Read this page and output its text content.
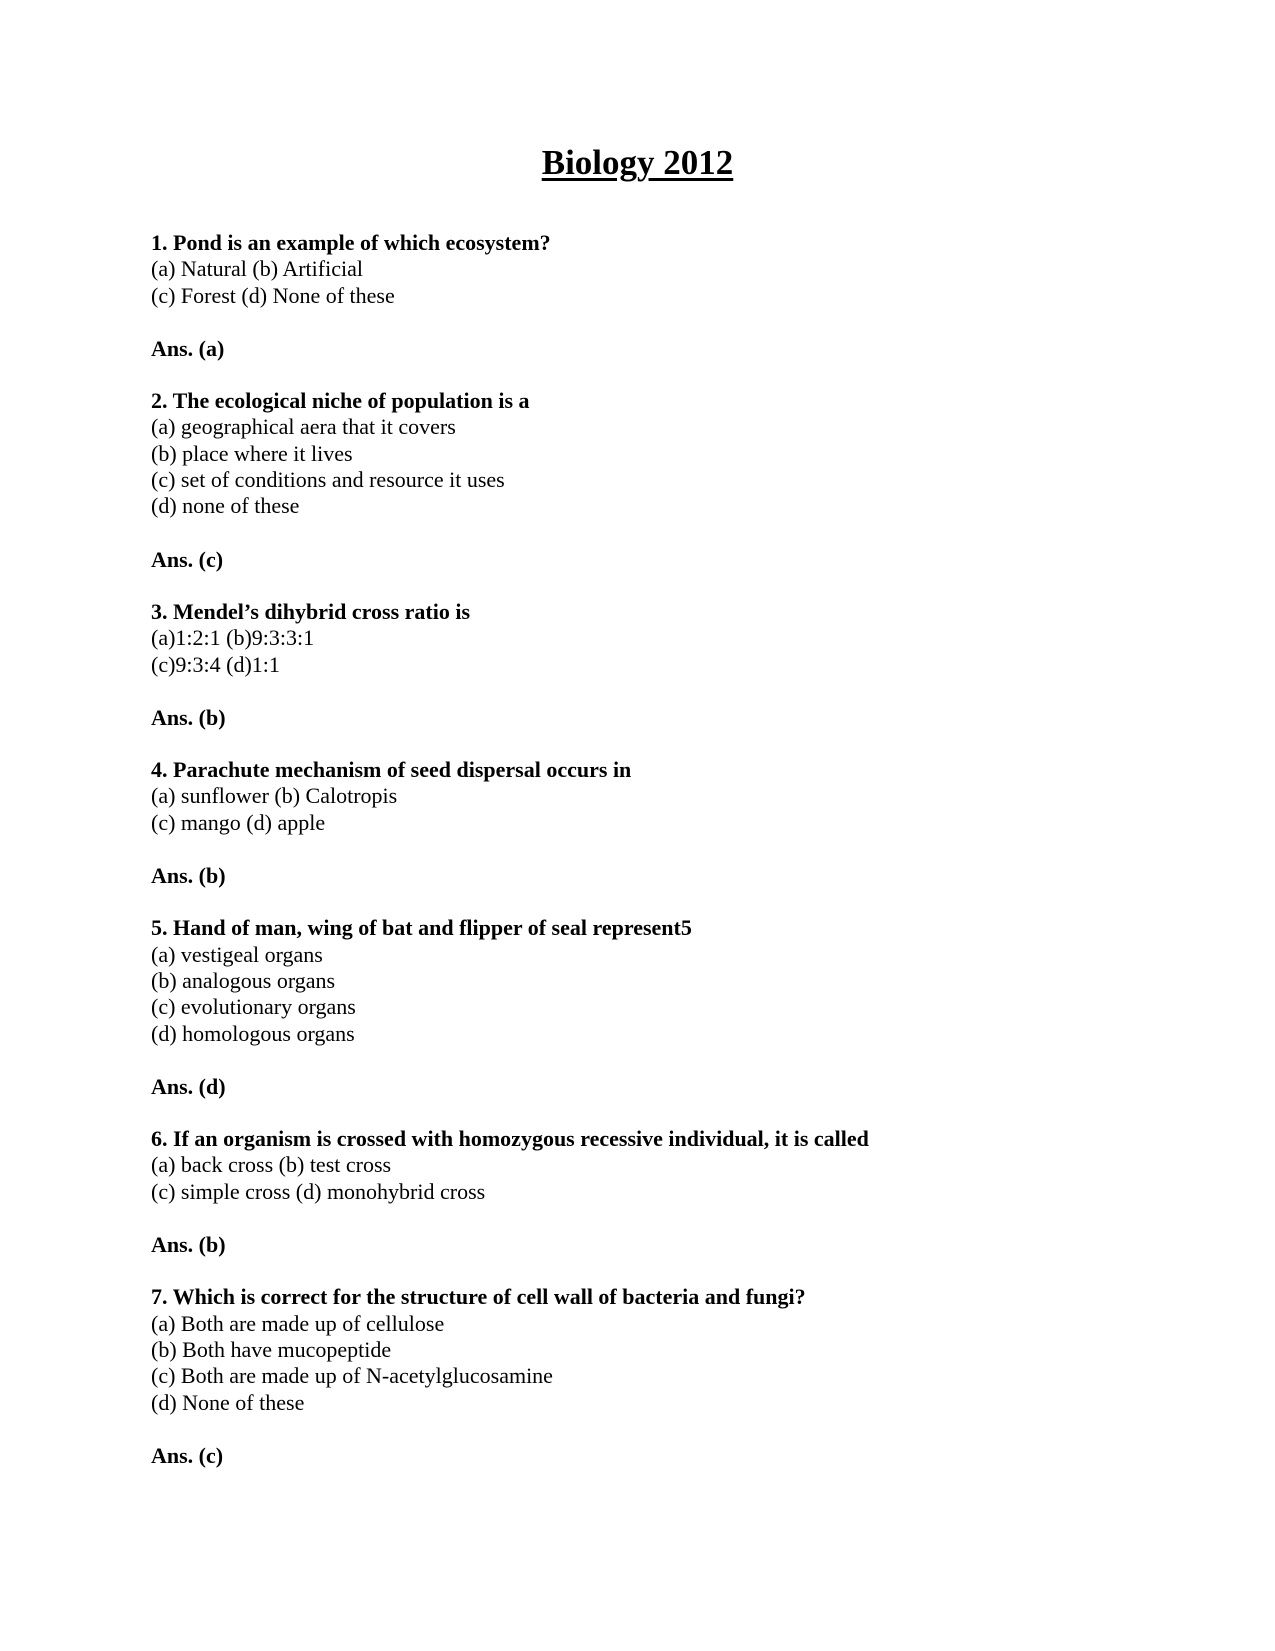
Biology 2012
1. Pond is an example of which ecosystem?
(a) Natural (b) Artificial
(c) Forest (d) None of these
Ans. (a)
2. The ecological niche of population is a
(a) geographical aera that it covers
(b) place where it lives
(c) set of conditions and resource it uses
(d) none of these
Ans. (c)
3. Mendel’s dihybrid cross ratio is
(a)1:2:1 (b)9:3:3:1
(c)9:3:4 (d)1:1
Ans. (b)
4. Parachute mechanism of seed dispersal occurs in
(a) sunflower (b) Calotropis
(c) mango (d) apple
Ans. (b)
5. Hand of man, wing of bat and flipper of seal represent5
(a) vestigeal organs
(b) analogous organs
(c) evolutionary organs
(d) homologous organs
Ans. (d)
6. If an organism is crossed with homozygous recessive individual, it is called
(a) back cross (b) test cross
(c) simple cross (d) monohybrid cross
Ans. (b)
7. Which is correct for the structure of cell wall of bacteria and fungi?
(a) Both are made up of cellulose
(b) Both have mucopeptide
(c) Both are made up of N-acetylglucosamine
(d) None of these
Ans. (c)
